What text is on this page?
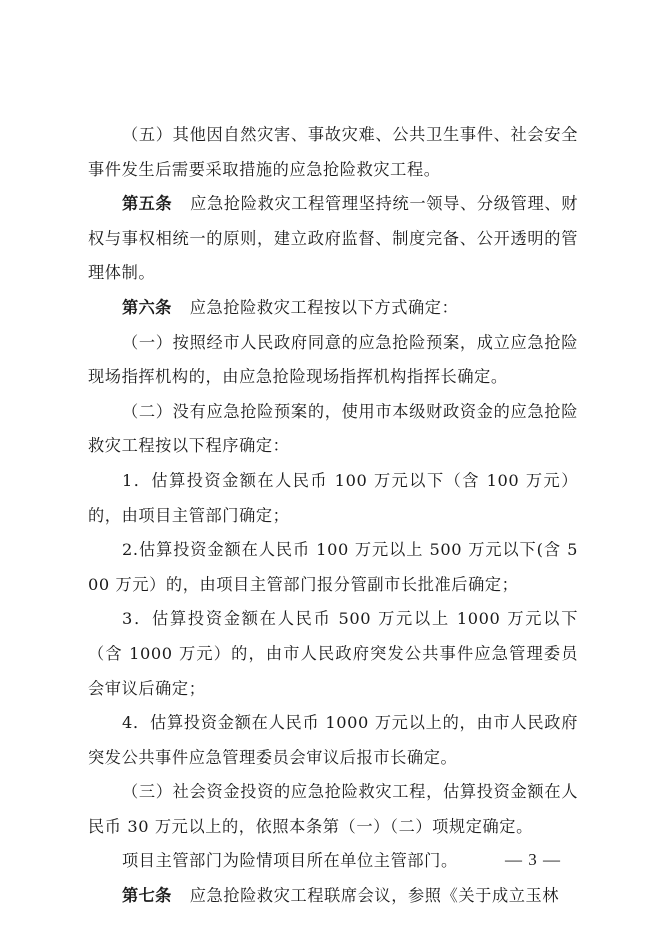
（五）其他因自然灾害、事故灾难、公共卫生事件、社会安全事件发生后需要采取措施的应急抢险救灾工程。

第五条 应急抢险救灾工程管理坚持统一领导、分级管理、财权与事权相统一的原则，建立政府监督、制度完备、公开透明的管理体制。

第六条 应急抢险救灾工程按以下方式确定：

（一）按照经市人民政府同意的应急抢险预案，成立应急抢险现场指挥机构的，由应急抢险现场指挥机构指挥长确定。

（二）没有应急抢险预案的，使用市本级财政资金的应急抢险救灾工程按以下程序确定：

1．估算投资金额在人民币 100 万元以下（含 100 万元）的，由项目主管部门确定；

2.估算投资金额在人民币 100 万元以上 500 万元以下(含 500 万元）的，由项目主管部门报分管副市长批准后确定；

3．估算投资金额在人民币 500 万元以上 1000 万元以下（含 1000 万元）的，由市人民政府突发公共事件应急管理委员会审议后确定；

4．估算投资金额在人民币 1000 万元以上的，由市人民政府突发公共事件应急管理委员会审议后报市长确定。

（三）社会资金投资的应急抢险救灾工程，估算投资金额在人民币 30 万元以上的，依照本条第（一）（二）项规定确定。

项目主管部门为险情项目所在单位主管部门。

第七条 应急抢险救灾工程联席会议，参照《关于成立玉林

— 3 —
